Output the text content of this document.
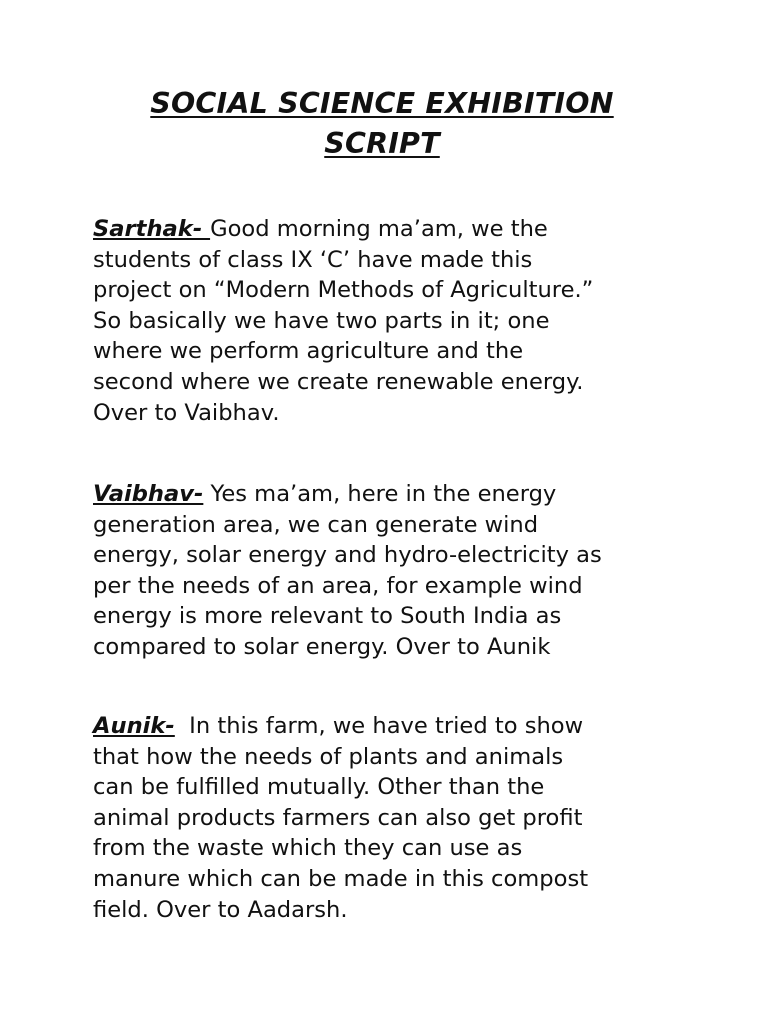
SOCIAL SCIENCE EXHIBITION
SCRIPT
Sarthak- Good morning ma’am, we the
students of class IX ‘C’ have made this
project on “Modern Methods of Agriculture.”
So basically we have two parts in it; one
where we perform agriculture and the
second where we create renewable energy.
Over to Vaibhav.
Vaibhav- Yes ma’am, here in the energy
generation area, we can generate wind
energy, solar energy and hydro-electricity as
per the needs of an area, for example wind
energy is more relevant to South India as
compared to solar energy. Over to Aunik
Aunik-  In this farm, we have tried to show
that how the needs of plants and animals
can be fulfilled mutually. Other than the
animal products farmers can also get profit
from the waste which they can use as
manure which can be made in this compost
field. Over to Aadarsh.
